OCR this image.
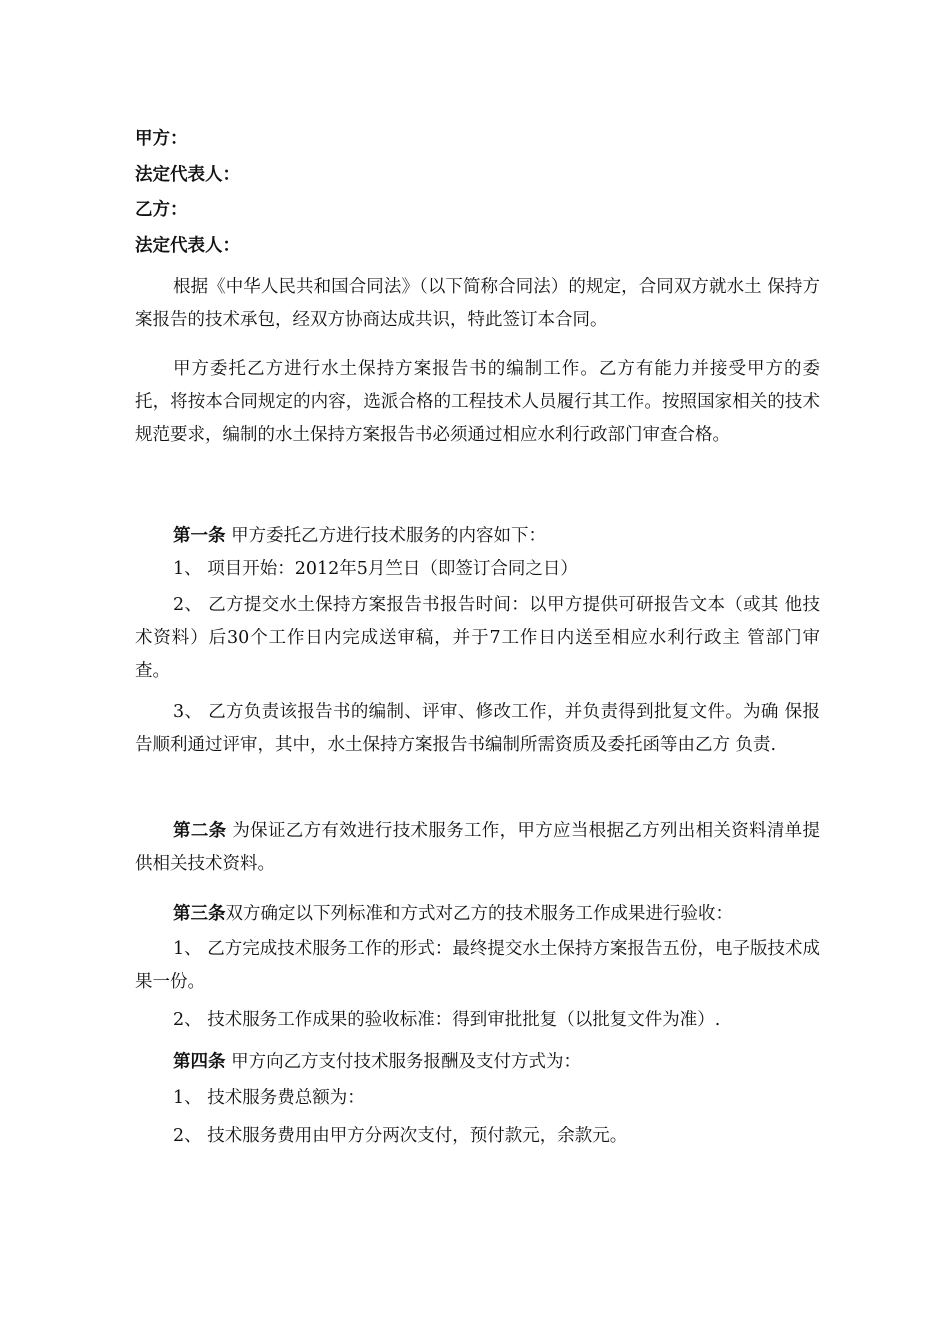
甲方：
法定代表人：
乙方：
法定代表人：

根据《中华人民共和国合同法》（以下简称合同法）的规定，合同双方就水土 保持方案报告的技术承包，经双方协商达成共识，特此签订本合同。

甲方委托乙方进行水土保持方案报告书的编制工作。乙方有能力并接受甲方的委托，将按本合同规定的内容，选派合格的工程技术人员履行其工作。按照国家相关的技术规范要求，编制的水土保持方案报告书必须通过相应水利行政部门审查合格。

第一条 甲方委托乙方进行技术服务的内容如下：

1、 项目开始：2012年5月竺日（即签订合同之日）

2、 乙方提交水土保持方案报告书报告时间：以甲方提供可研报告文本（或其 他技术资料）后30个工作日内完成送审稿，并于7工作日内送至相应水利行政主 管部门审查。

3、 乙方负责该报告书的编制、评审、修改工作，并负责得到批复文件。为确 保报告顺利通过评审，其中，水土保持方案报告书编制所需资质及委托函等由乙方 负责.

第二条 为保证乙方有效进行技术服务工作，甲方应当根据乙方列出相关资料清单提供相关技术资料。

第三条双方确定以下列标准和方式对乙方的技术服务工作成果进行验收：

1、 乙方完成技术服务工作的形式：最终提交水土保持方案报告五份，电子版技术成果一份。

2、 技术服务工作成果的验收标准：得到审批批复（以批复文件为准）.

第四条 甲方向乙方支付技术服务报酬及支付方式为：

1、 技术服务费总额为：

2、 技术服务费用由甲方分两次支付，预付款元，余款元。
